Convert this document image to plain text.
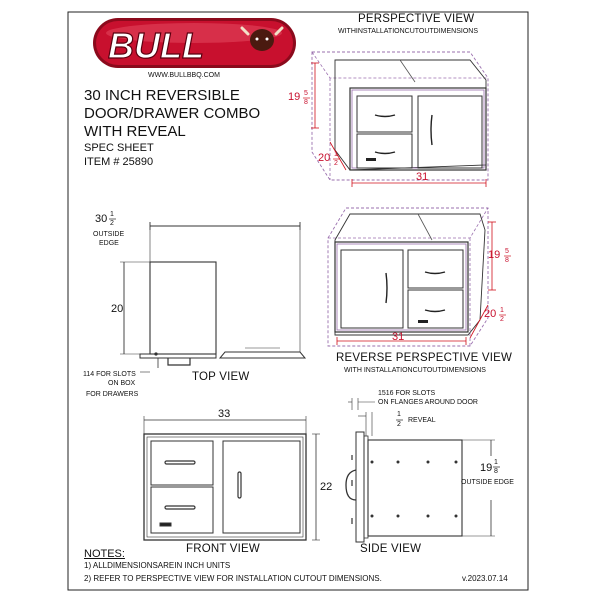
BULL
WWW.BULLBBQ.COM
30 INCH REVERSIBLE
DOOR/DRAWER COMBO
WITH REVEAL
SPEC SHEET
ITEM # 25890
PERSPECTIVE VIEW
WITHINSTALLATIONCUTOUTDIMENSIONS
19 5
8
20 1
2
31
19 5
8
20 1
2
31
REVERSE PERSPECTIVE VIEW
WITH INSTALLATIONCUTOUTDIMENSIONS
30 1
2
OUTSIDE
EDGE
20
114 FOR SLOTS
ON BOX
FOR DRAWERS
TOP VIEW
33
22
FRONT VIEW
1516 FOR SLOTS
ON FLANGES AROUND DOOR
1
2
REVEAL
19 1
8
OUTSIDE EDGE
SIDE VIEW
NOTES:
1) ALLDIMENSIONSAREIN INCH UNITS
2) REFER TO PERSPECTIVE VIEW FOR INSTALLATION CUTOUT DIMENSIONS.	v.2023.07.14
